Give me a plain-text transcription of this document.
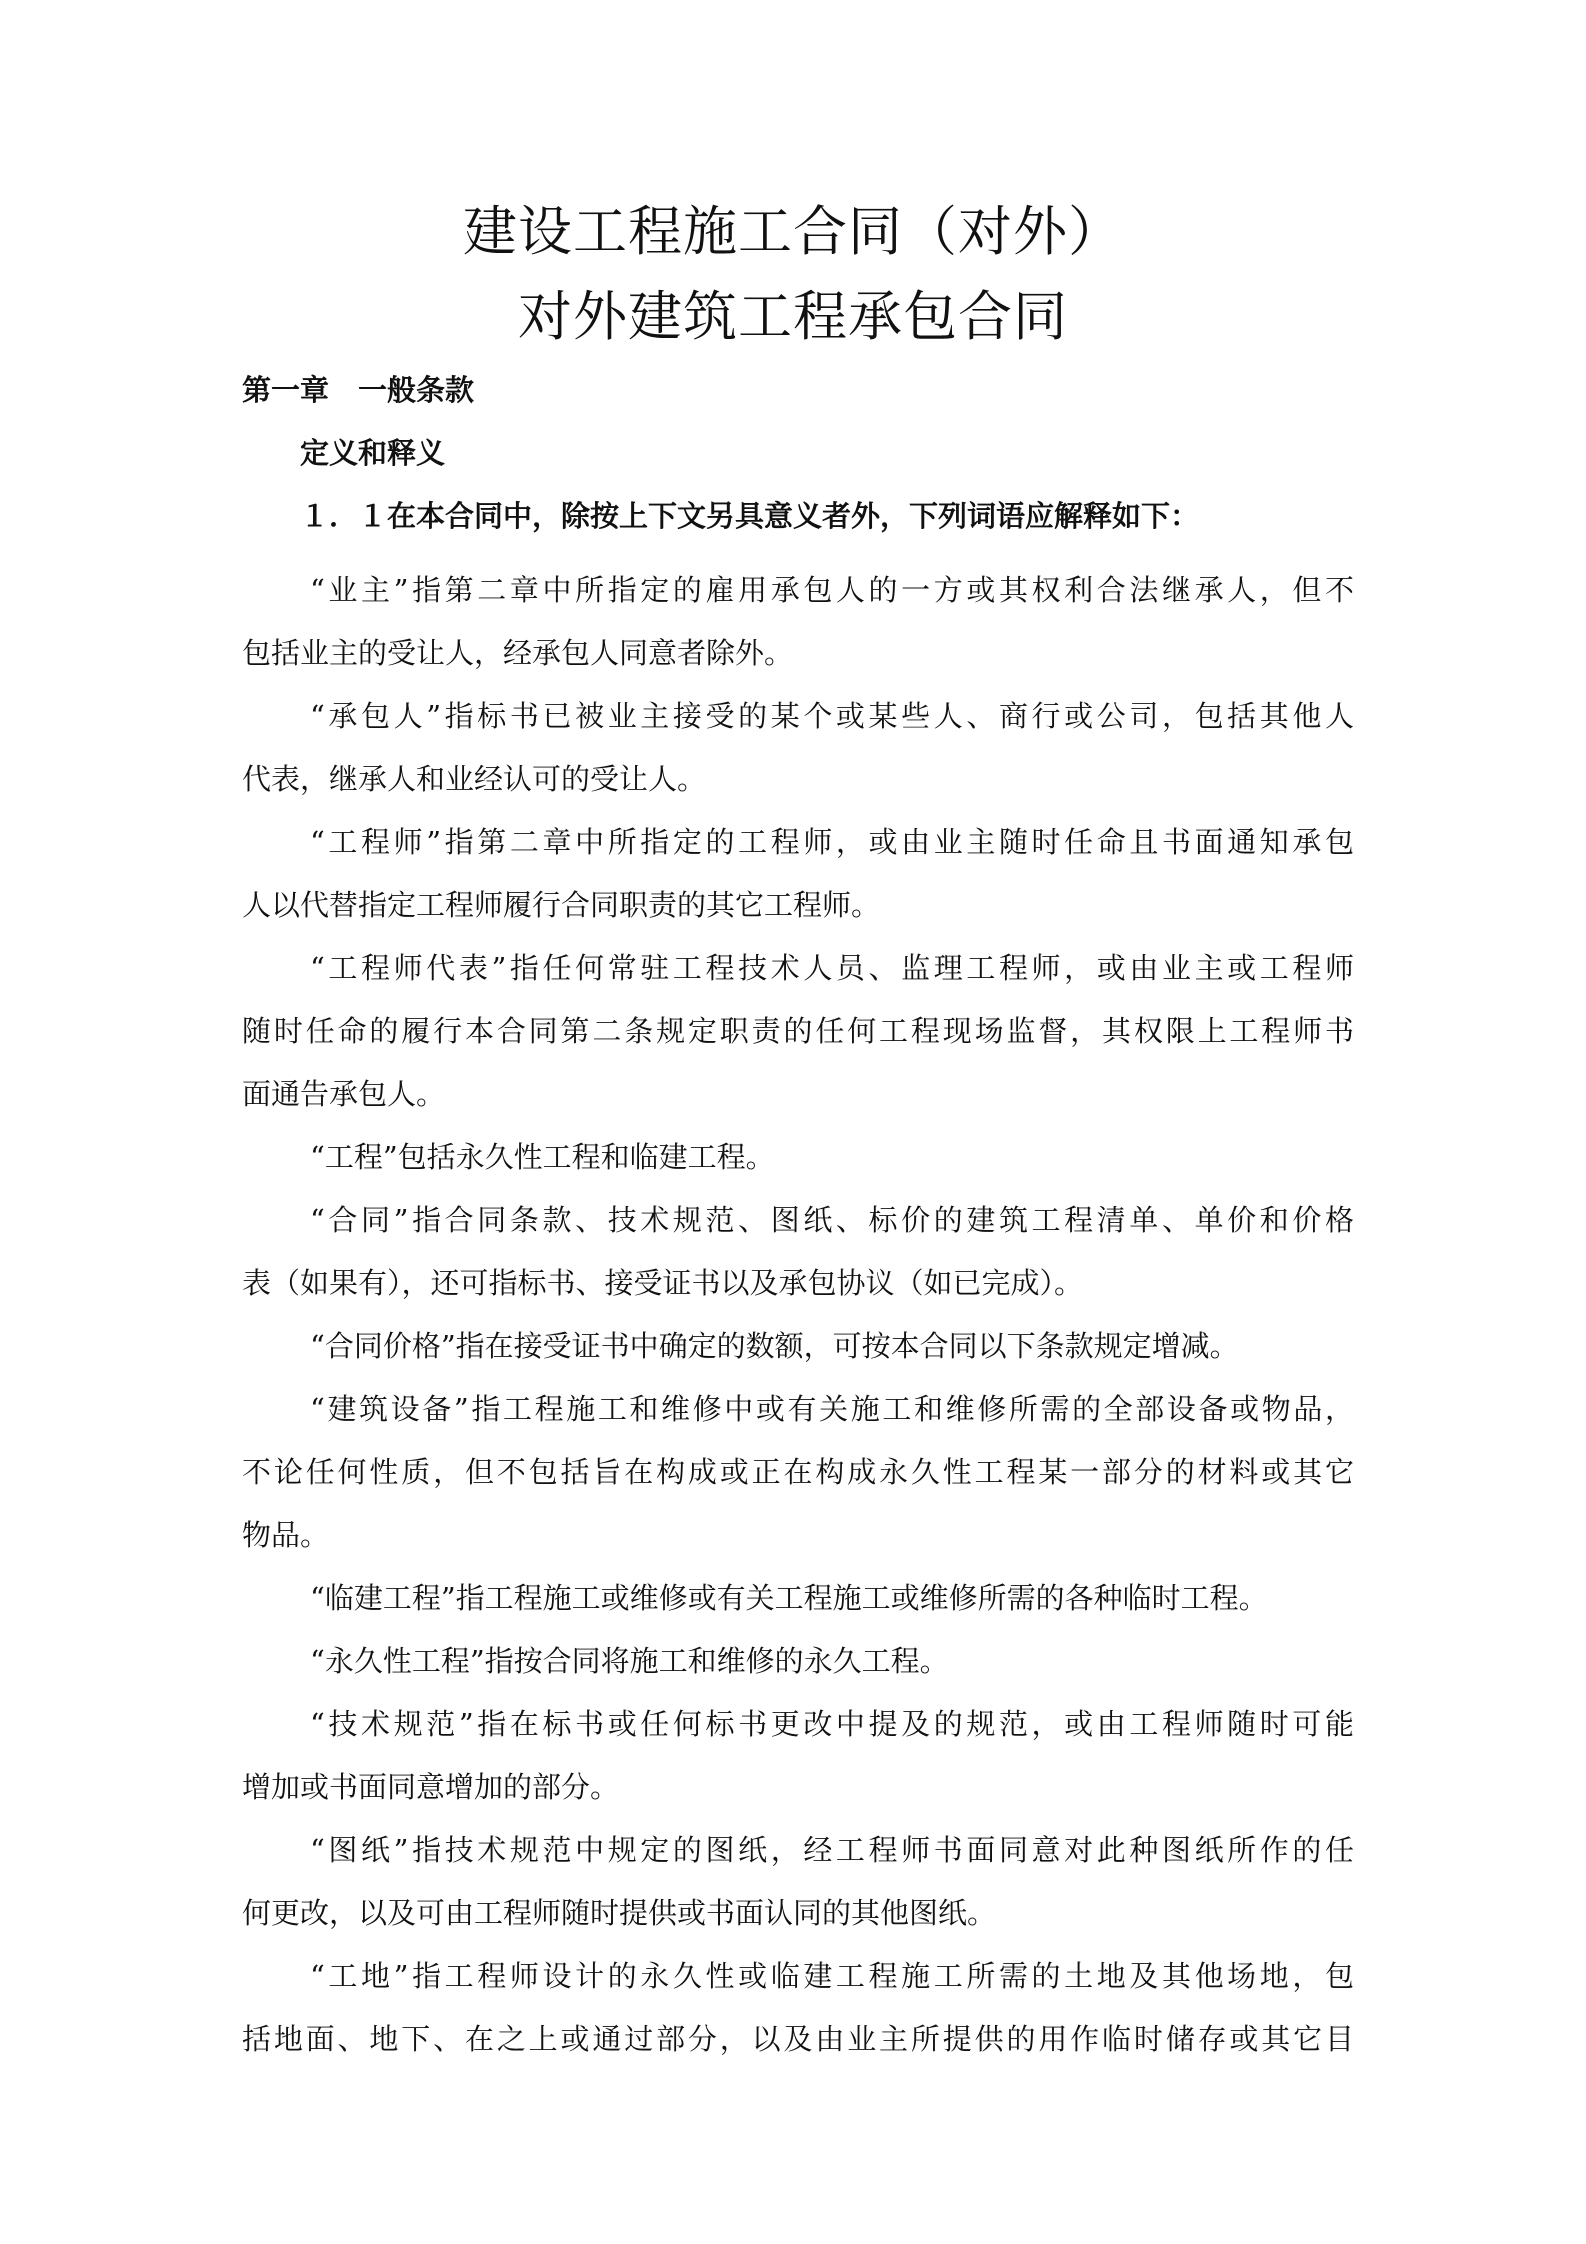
建设工程施工合同（对外）
对外建筑工程承包合同
第一章　一般条款
定义和释义
１．１在本合同中，除按上下文另具意义者外，下列词语应解释如下：
“业主”指第二章中所指定的雇用承包人的一方或其权利合法继承人，但不
包括业主的受让人，经承包人同意者除外。
“承包人”指标书已被业主接受的某个或某些人、商行或公司，包括其他人
代表，继承人和业经认可的受让人。
“工程师”指第二章中所指定的工程师，或由业主随时任命且书面通知承包
人以代替指定工程师履行合同职责的其它工程师。
“工程师代表”指任何常驻工程技术人员、监理工程师，或由业主或工程师
随时任命的履行本合同第二条规定职责的任何工程现场监督，其权限上工程师书
面通告承包人。
“工程”包括永久性工程和临建工程。
“合同”指合同条款、技术规范、图纸、标价的建筑工程清单、单价和价格
表（如果有），还可指标书、接受证书以及承包协议（如已完成）。
“合同价格”指在接受证书中确定的数额，可按本合同以下条款规定增减。
“建筑设备”指工程施工和维修中或有关施工和维修所需的全部设备或物品，
不论任何性质，但不包括旨在构成或正在构成永久性工程某一部分的材料或其它
物品。
“临建工程”指工程施工或维修或有关工程施工或维修所需的各种临时工程。
“永久性工程”指按合同将施工和维修的永久工程。
“技术规范”指在标书或任何标书更改中提及的规范，或由工程师随时可能
增加或书面同意增加的部分。
“图纸”指技术规范中规定的图纸，经工程师书面同意对此种图纸所作的任
何更改，以及可由工程师随时提供或书面认同的其他图纸。
“工地”指工程师设计的永久性或临建工程施工所需的土地及其他场地，包
括地面、地下、在之上或通过部分，以及由业主所提供的用作临时储存或其它目
